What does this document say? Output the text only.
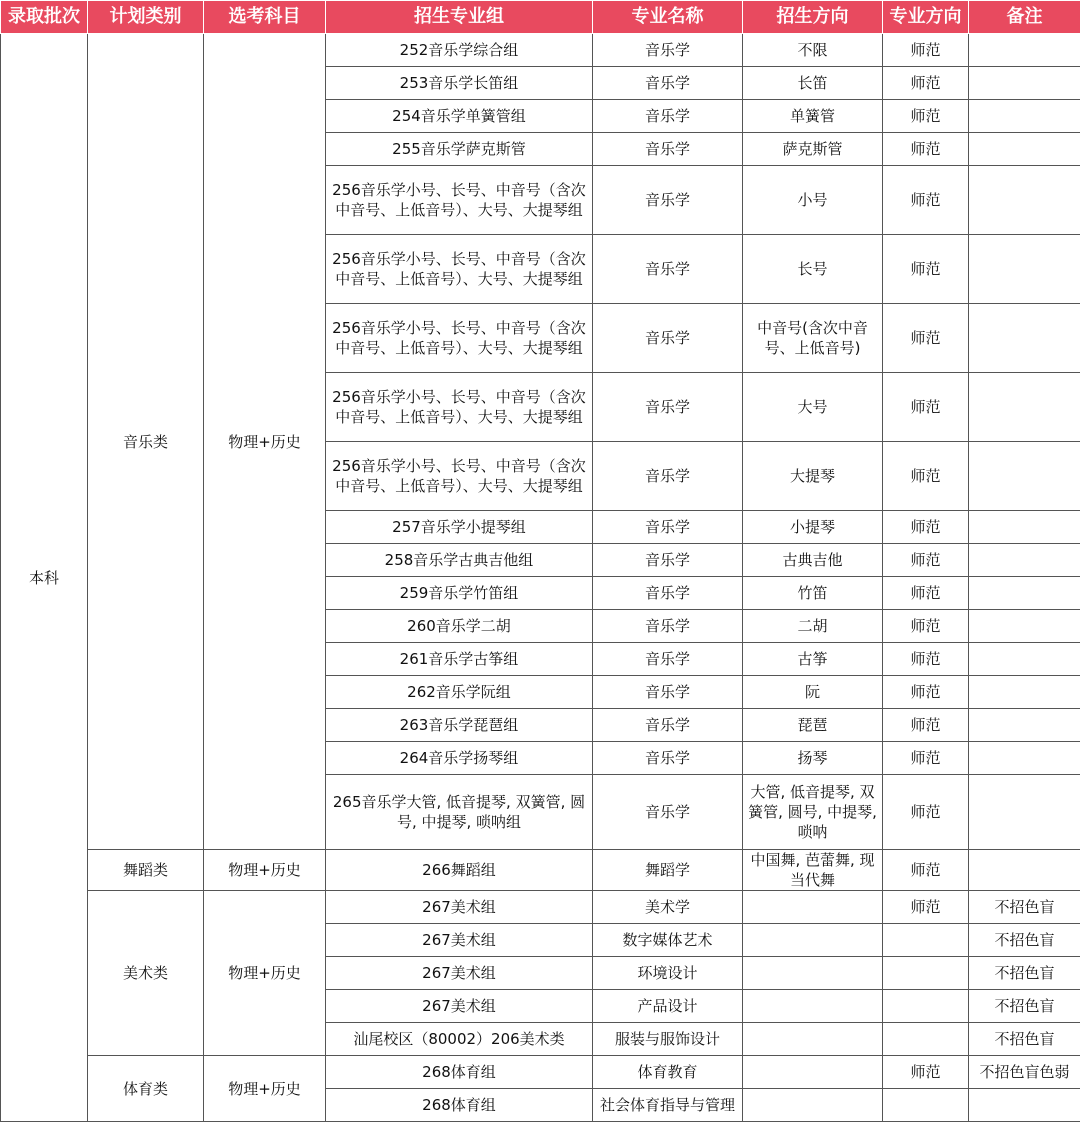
录取批次	计划类别	选考科目	招生专业组	专业名称	招生方向	专业方向	备注
本科	音乐类	物理+历史	252音乐学综合组	音乐学	不限	师范	
			253音乐学长笛组	音乐学	长笛	师范	
			254音乐学单簧管组	音乐学	单簧管	师范	
			255音乐学萨克斯管	音乐学	萨克斯管	师范	
			256音乐学小号、长号、中音号（含次中音号、上低音号）、大号、大提琴组	音乐学	小号	师范	
			256音乐学小号、长号、中音号（含次中音号、上低音号）、大号、大提琴组	音乐学	长号	师范	
			256音乐学小号、长号、中音号（含次中音号、上低音号）、大号、大提琴组	音乐学	中音号(含次中音号、上低音号)	师范	
			256音乐学小号、长号、中音号（含次中音号、上低音号）、大号、大提琴组	音乐学	大号	师范	
			256音乐学小号、长号、中音号（含次中音号、上低音号）、大号、大提琴组	音乐学	大提琴	师范	
			257音乐学小提琴组	音乐学	小提琴	师范	
			258音乐学古典吉他组	音乐学	古典吉他	师范	
			259音乐学竹笛组	音乐学	竹笛	师范	
			260音乐学二胡	音乐学	二胡	师范	
			261音乐学古筝组	音乐学	古筝	师范	
			262音乐学阮组	音乐学	阮	师范	
			263音乐学琵琶组	音乐学	琵琶	师范	
			264音乐学扬琴组	音乐学	扬琴	师范	
			265音乐学大管, 低音提琴, 双簧管, 圆号, 中提琴, 唢呐组	音乐学	大管, 低音提琴, 双簧管, 圆号, 中提琴, 唢呐	师范	
	舞蹈类	物理+历史	266舞蹈组	舞蹈学	中国舞, 芭蕾舞, 现当代舞	师范	
	美术类	物理+历史	267美术组	美术学		师范	不招色盲
			267美术组	数字媒体艺术			不招色盲
			267美术组	环境设计			不招色盲
			267美术组	产品设计			不招色盲
			汕尾校区（80002）206美术类	服装与服饰设计			不招色盲
	体育类	物理+历史	268体育组	体育教育		师范	不招色盲色弱
			268体育组	社会体育指导与管理			
